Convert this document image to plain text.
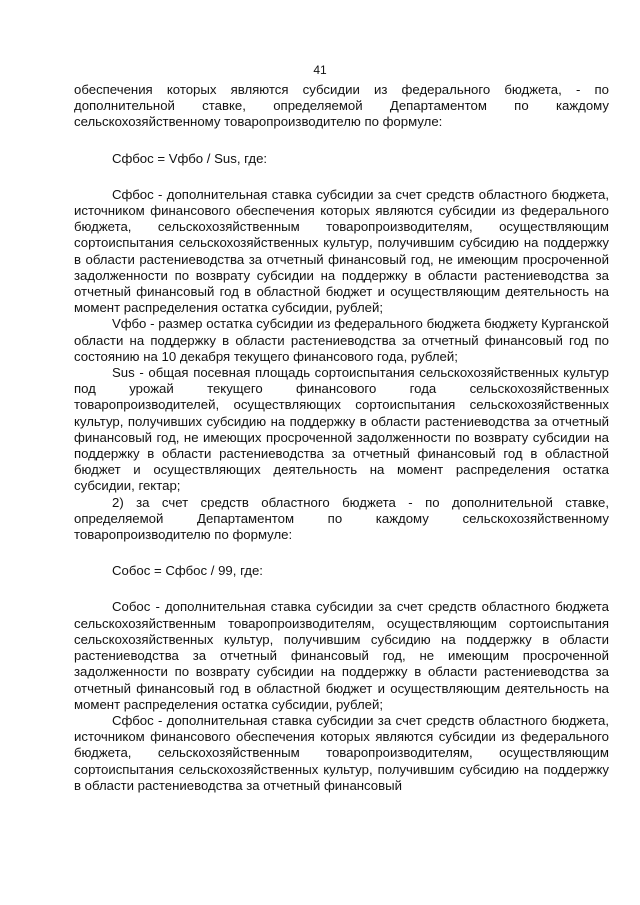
41

обеспечения которых являются субсидии из федерального бюджета, - по дополнительной ставке, определяемой Департаментом по каждому сельскохозяйственному товаропроизводителю по формуле:

Сфбос = Vфбо / Sus, где:

Сфбос - дополнительная ставка субсидии за счет средств областного бюджета, источником финансового обеспечения которых являются субсидии из федерального бюджета, сельскохозяйственным товаропроизводителям, осуществляющим сортоиспытания сельскохозяйственных культур, получившим субсидию на поддержку в области растениеводства за отчетный финансовый год, не имеющим просроченной задолженности по возврату субсидии на поддержку в области растениеводства за отчетный финансовый год в областной бюджет и осуществляющим деятельность на момент распределения остатка субсидии, рублей;

Vфбо - размер остатка субсидии из федерального бюджета бюджету Курганской области на поддержку в области растениеводства за отчетный финансовый год по состоянию на 10 декабря текущего финансового года, рублей;

Sus - общая посевная площадь сортоиспытания сельскохозяйственных культур под урожай текущего финансового года сельскохозяйственных товаропроизводителей, осуществляющих сортоиспытания сельскохозяйственных культур, получивших субсидию на поддержку в области растениеводства за отчетный финансовый год, не имеющих просроченной задолженности по возврату субсидии на поддержку в области растениеводства за отчетный финансовый год в областной бюджет и осуществляющих деятельность на момент распределения остатка субсидии, гектар;

2) за счет средств областного бюджета - по дополнительной ставке, определяемой Департаментом по каждому сельскохозяйственному товаропроизводителю по формуле:

Собос = Сфбос / 99, где:

Собос - дополнительная ставка субсидии за счет средств областного бюджета сельскохозяйственным товаропроизводителям, осуществляющим сортоиспытания сельскохозяйственных культур, получившим субсидию на поддержку в области растениеводства за отчетный финансовый год, не имеющим просроченной задолженности по возврату субсидии на поддержку в области растениеводства за отчетный финансовый год в областной бюджет и осуществляющим деятельность на момент распределения остатка субсидии, рублей;

Сфбос - дополнительная ставка субсидии за счет средств областного бюджета, источником финансового обеспечения которых являются субсидии из федерального бюджета, сельскохозяйственным товаропроизводителям, осуществляющим сортоиспытания сельскохозяйственных культур, получившим субсидию на поддержку в области растениеводства за отчетный финансовый
